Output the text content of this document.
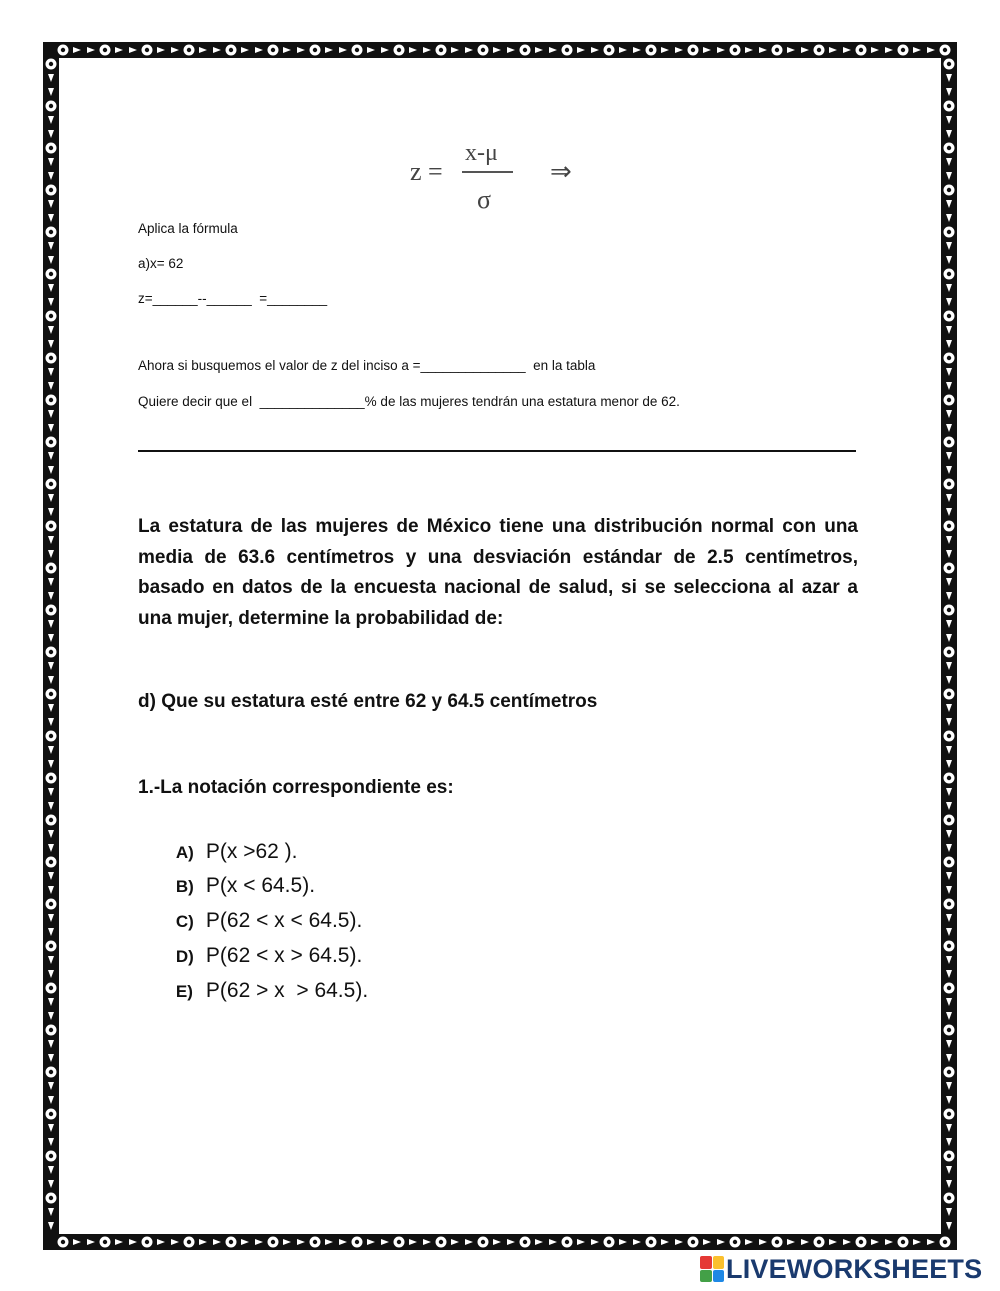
z =
x-μ
σ
⇒
Aplica la fórmula
a)x= 62
z=______--______  =________
Ahora si busquemos el valor de z del inciso a =______________  en la tabla
Quiere decir que el  ______________% de las mujeres tendrán una estatura menor de 62.
La estatura de las mujeres de México tiene una distribución normal con una media de 63.6 centímetros y una desviación estándar de 2.5 centímetros, basado en datos de la encuesta nacional de salud, si se selecciona al azar a una mujer, determine la probabilidad de:
d) Que su estatura esté entre 62 y 64.5 centímetros
1.-La notación correspondiente es:

A) P(x >62 ).

B) P(x < 64.5).

C) P(62 < x < 64.5).

D) P(62 < x > 64.5).

E) P(62 > x  > 64.5).

LIVEWORKSHEETS
